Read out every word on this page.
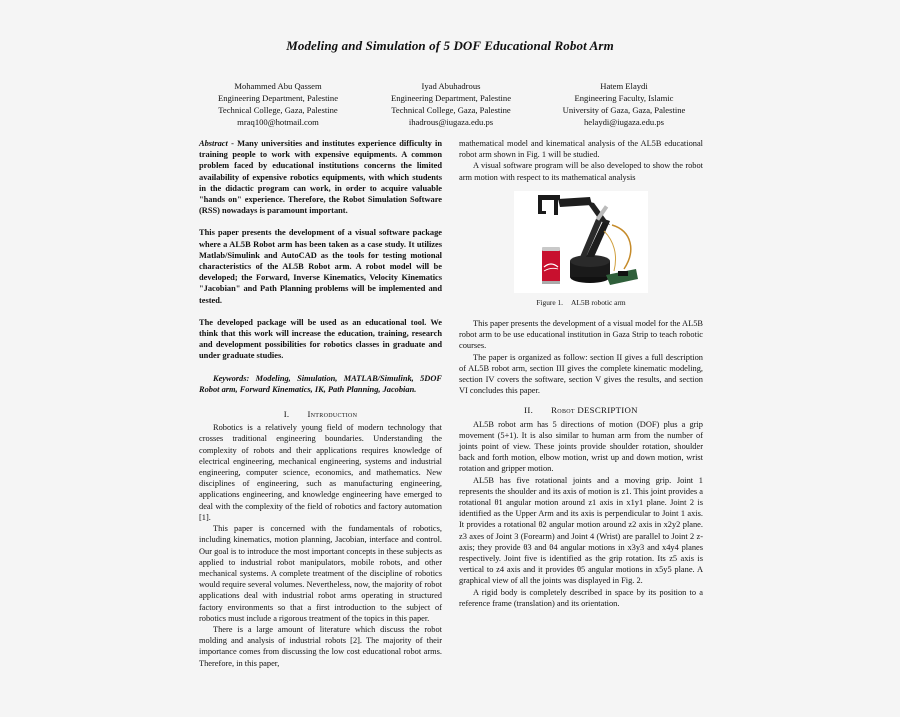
Modeling and Simulation of 5 DOF Educational Robot Arm
Mohammed Abu Qassem
Engineering Department, Palestine
Technical College, Gaza, Palestine
mraq100@hotmail.com
Iyad Abuhadrous
Engineering Department, Palestine
Technical College, Gaza, Palestine
ihadrous@iugaza.edu.ps
Hatem Elaydi
Engineering Faculty, Islamic
University of Gaza, Gaza, Palestine
helaydi@iugaza.edu.ps

Abstract - Many universities and institutes experience difficulty in training people to work with expensive equipments. A common problem faced by educational institutions concerns the limited availability of expensive robotics equipments, with which students in the didactic program can work, in order to acquire valuable "hands on" experience. Therefore, the Robot Simulation Software (RSS) nowadays is paramount important.

This paper presents the development of a visual software package where a AL5B Robot arm has been taken as a case study. It utilizes Matlab/Simulink and AutoCAD as the tools for testing motional characteristics of the AL5B Robot arm. A robot model will be developed; the Forward, Inverse Kinematics, Velocity Kinematics "Jacobian" and Path Planning problems will be implemented and tested.

The developed package will be used as an educational tool. We think that this work will increase the education, training, research and development possibilities for robotics classes in graduate and under graduate studies.

Keywords: Modeling, Simulation, MATLAB/Simulink, 5DOF Robot arm, Forward Kinematics, IK, Path Planning, Jacobian.

I. Introduction

Robotics is a relatively young field of modern technology that crosses traditional engineering boundaries. Understanding the complexity of robots and their applications requires knowledge of electrical engineering, mechanical engineering, systems and industrial engineering, computer science, economics, and mathematics. New disciplines of engineering, such as manufacturing engineering, applications engineering, and knowledge engineering have emerged to deal with the complexity of the field of robotics and factory automation [1].

This paper is concerned with the fundamentals of robotics, including kinematics, motion planning, Jacobian, interface and control. Our goal is to introduce the most important concepts in these subjects as applied to industrial robot manipulators, mobile robots, and other mechanical systems. A complete treatment of the discipline of robotics would require several volumes. Nevertheless, now, the majority of robot applications deal with industrial robot arms operating in structured factory environments so that a first introduction to the subject of robotics must include a rigorous treatment of the topics in this paper.

There is a large amount of literature which discuss the robot molding and analysis of industrial robots [2]. The majority of their importance comes from discussing the low cost educational robot arms. Therefore, in this paper,

mathematical model and kinematical analysis of the AL5B educational robot arm shown in Fig. 1 will be studied.

A visual software program will be also developed to show the robot arm motion with respect to its mathematical analysis

Figure 1. AL5B robotic arm

This paper presents the development of a visual model for the AL5B robot arm to be use educational institution in Gaza Strip to teach robotic courses.

The paper is organized as follow: section II gives a full description of AL5B robot arm, section III gives the complete kinematic modeling, section IV covers the software, section V gives the results, and section VI concludes this paper.

II. Robot DESCRIPTION

AL5B robot arm has 5 directions of motion (DOF) plus a grip movement (5+1). It is also similar to human arm from the number of joints point of view. These joints provide shoulder rotation, shoulder back and forth motion, elbow motion, wrist up and down motion, wrist rotation and gripper motion.

AL5B has five rotational joints and a moving grip. Joint 1 represents the shoulder and its axis of motion is z1. This joint provides a rotational θ1 angular motion around z1 axis in x1y1 plane. Joint 2 is identified as the Upper Arm and its axis is perpendicular to Joint 1 axis. It provides a rotational θ2 angular motion around z2 axis in x2y2 plane. z3 axes of Joint 3 (Forearm) and Joint 4 (Wrist) are parallel to Joint 2 z-axis; they provide θ3 and θ4 angular motions in x3y3 and x4y4 planes respectively. Joint five is identified as the grip rotation. Its z5 axis is vertical to z4 axis and it provides θ5 angular motions in x5y5 plane. A graphical view of all the joints was displayed in Fig. 2.

A rigid body is completely described in space by its position to a reference frame (translation) and its orientation.
